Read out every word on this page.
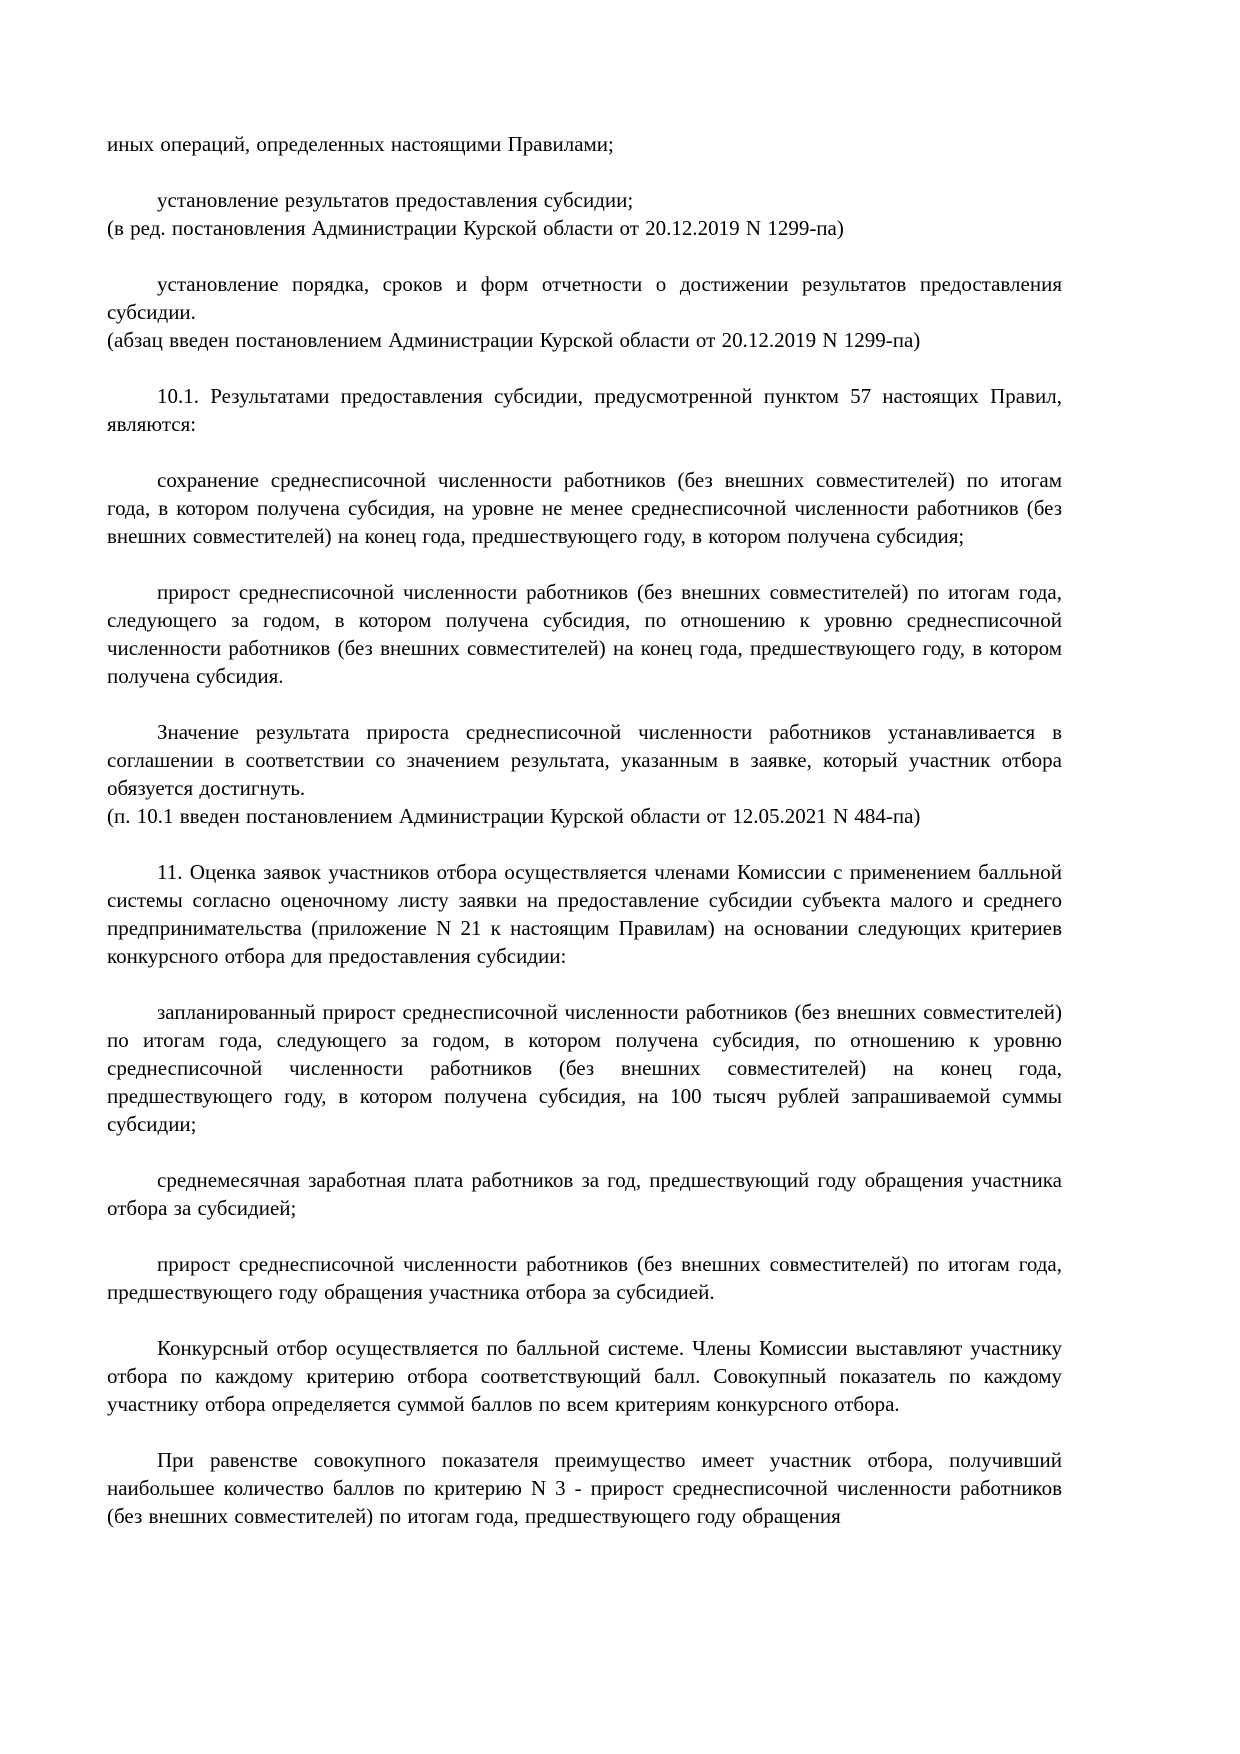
иных операций, определенных настоящими Правилами;

установление результатов предоставления субсидии;

(в ред. постановления Администрации Курской области от 20.12.2019 N 1299-па)

установление порядка, сроков и форм отчетности о достижении результатов предоставления субсидии.

(абзац введен постановлением Администрации Курской области от 20.12.2019 N 1299-па)

10.1. Результатами предоставления субсидии, предусмотренной пунктом 57 настоящих Правил, являются:

сохранение среднесписочной численности работников (без внешних совместителей) по итогам года, в котором получена субсидия, на уровне не менее среднесписочной численности работников (без внешних совместителей) на конец года, предшествующего году, в котором получена субсидия;

прирост среднесписочной численности работников (без внешних совместителей) по итогам года, следующего за годом, в котором получена субсидия, по отношению к уровню среднесписочной численности работников (без внешних совместителей) на конец года, предшествующего году, в котором получена субсидия.

Значение результата прироста среднесписочной численности работников устанавливается в соглашении в соответствии со значением результата, указанным в заявке, который участник отбора обязуется достигнуть.

(п. 10.1 введен постановлением Администрации Курской области от 12.05.2021 N 484-па)

11. Оценка заявок участников отбора осуществляется членами Комиссии с применением балльной системы согласно оценочному листу заявки на предоставление субсидии субъекта малого и среднего предпринимательства (приложение N 21 к настоящим Правилам) на основании следующих критериев конкурсного отбора для предоставления субсидии:

запланированный прирост среднесписочной численности работников (без внешних совместителей) по итогам года, следующего за годом, в котором получена субсидия, по отношению к уровню среднесписочной численности работников (без внешних совместителей) на конец года, предшествующего году, в котором получена субсидия, на 100 тысяч рублей запрашиваемой суммы субсидии;

среднемесячная заработная плата работников за год, предшествующий году обращения участника отбора за субсидией;

прирост среднесписочной численности работников (без внешних совместителей) по итогам года, предшествующего году обращения участника отбора за субсидией.

Конкурсный отбор осуществляется по балльной системе. Члены Комиссии выставляют участнику отбора по каждому критерию отбора соответствующий балл. Совокупный показатель по каждому участнику отбора определяется суммой баллов по всем критериям конкурсного отбора.

При равенстве совокупного показателя преимущество имеет участник отбора, получивший наибольшее количество баллов по критерию N 3 - прирост среднесписочной численности работников (без внешних совместителей) по итогам года, предшествующего году обращения
